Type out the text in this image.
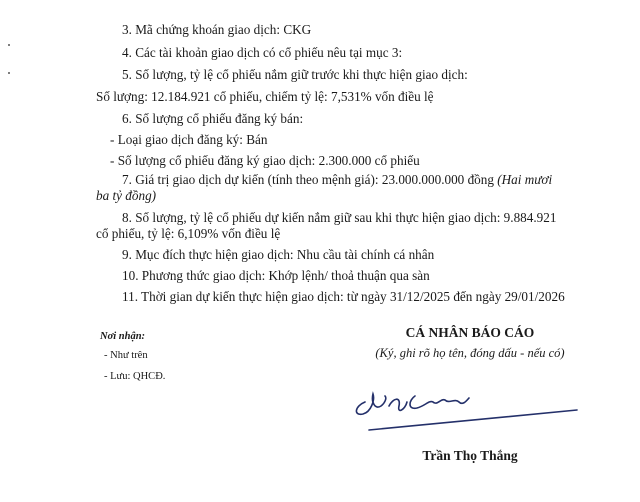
3. Mã chứng khoán giao dịch: CKG
4. Các tài khoản giao dịch có cổ phiếu nêu tại mục 3:
5. Số lượng, tỷ lệ cổ phiếu nắm giữ trước khi thực hiện giao dịch:
Số lượng: 12.184.921 cổ phiếu, chiếm tỷ lệ: 7,531% vốn điều lệ
6. Số lượng cổ phiếu đăng ký bán:
- Loại giao dịch đăng ký: Bán
- Số lượng cổ phiếu đăng ký giao dịch: 2.300.000 cổ phiếu
7. Giá trị giao dịch dự kiến (tính theo mệnh giá): 23.000.000.000 đồng (Hai mươi
ba tỷ đồng)
8. Số lượng, tỷ lệ cổ phiếu dự kiến nắm giữ sau khi thực hiện giao dịch: 9.884.921
cổ phiếu, tỷ lệ: 6,109% vốn điều lệ
9. Mục đích thực hiện giao dịch: Nhu cầu tài chính cá nhân
10. Phương thức giao dịch: Khớp lệnh/ thoả thuận qua sàn
11. Thời gian dự kiến thực hiện giao dịch: từ ngày 31/12/2025 đến ngày 29/01/2026
Nơi nhận:
- Như trên
- Lưu: QHCĐ.
CÁ NHÂN BÁO CÁO
(Ký, ghi rõ họ tên, đóng dấu - nếu có)
Trần Thọ Thắng
